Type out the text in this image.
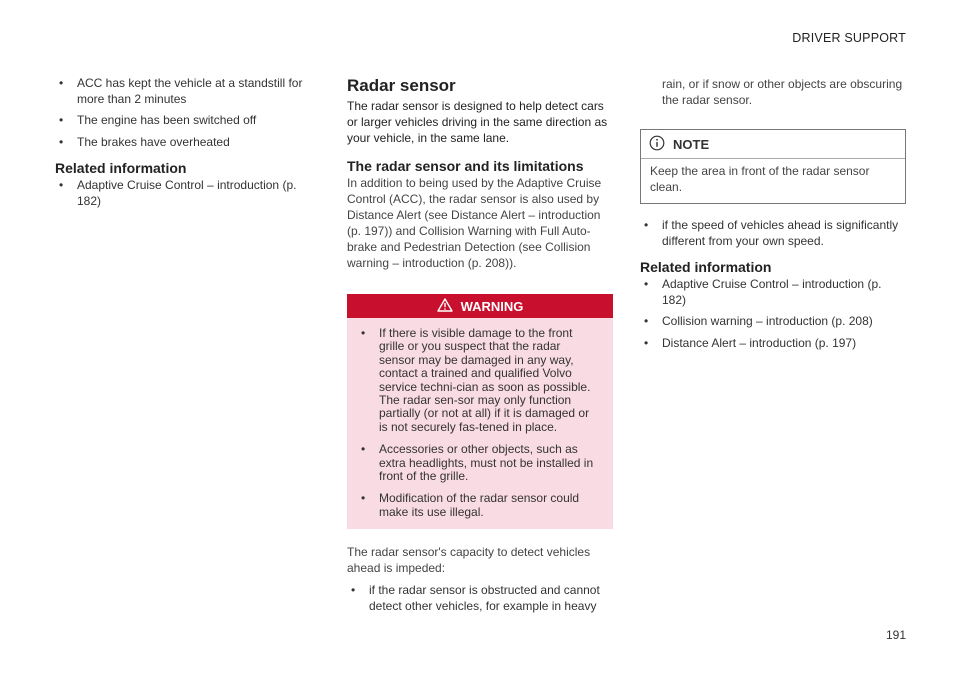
DRIVER SUPPORT
• ACC has kept the vehicle at a standstill for more than 2 minutes
• The engine has been switched off
• The brakes have overheated
Related information
• Adaptive Cruise Control – introduction (p. 182)
Radar sensor

The radar sensor is designed to help detect cars or larger vehicles driving in the same direction as your vehicle, in the same lane.

The radar sensor and its limitations

In addition to being used by the Adaptive Cruise Control (ACC), the radar sensor is also used by Distance Alert (see Distance Alert – introduction (p. 197)) and Collision Warning with Full Auto-brake and Pedestrian Detection (see Collision warning – introduction (p. 208)).

WARNING
• If there is visible damage to the front grille or you suspect that the radar sensor may be damaged in any way, contact a trained and qualified Volvo service techni-cian as soon as possible. The radar sen-sor may only function partially (or not at all) if it is damaged or is not securely fas-tened in place.
• Accessories or other objects, such as extra headlights, must not be installed in front of the grille.
• Modification of the radar sensor could make its use illegal.

The radar sensor's capacity to detect vehicles ahead is impeded:

• if the radar sensor is obstructed and cannot detect other vehicles, for example in heavy

rain, or if snow or other objects are obscuring the radar sensor.

NOTE
Keep the area in front of the radar sensor clean.
• if the speed of vehicles ahead is significantly different from your own speed.
Related information
• Adaptive Cruise Control – introduction (p. 182)
• Collision warning – introduction (p. 208)
• Distance Alert – introduction (p. 197)
191
